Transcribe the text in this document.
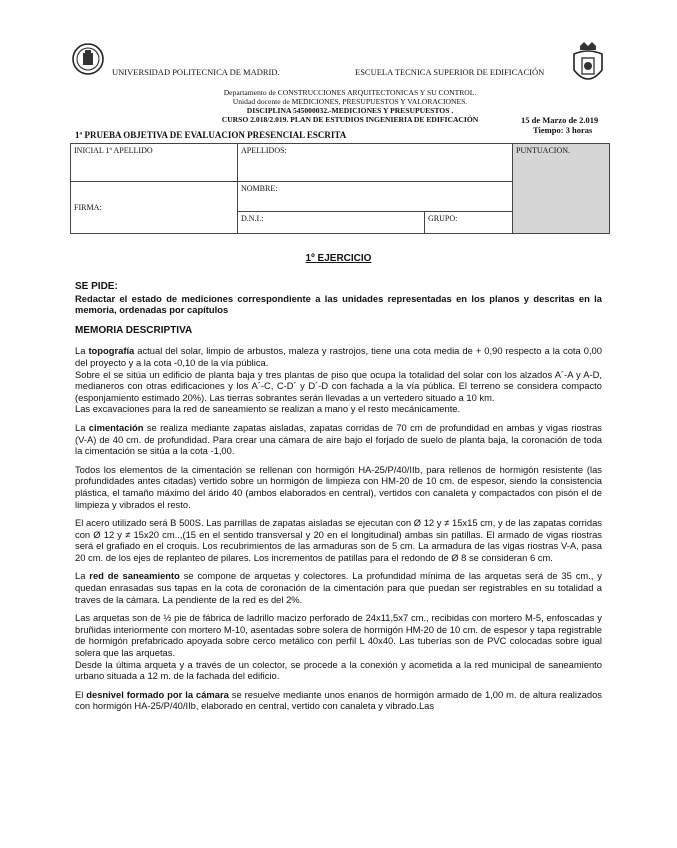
UNIVERSIDAD POLITECNICA DE MADRID.	ESCUELA TECNICA SUPERIOR DE EDIFICACIÓN
Departamento de CONSTRUCCIONES ARQUITECTONICAS Y SU CONTROL.
Unidad docente de MEDICIONES, PRESUPUESTOS Y VALORACIONES.
DISCIPLINA 545000032.-MEDICIONES Y PRESUPUESTOS .
CURSO 2.018/2.019. PLAN DE ESTUDIOS INGENIERIA DE EDIFICACIÓN	15 de Marzo de 2.019
Tiempo: 3 horas
1ª PRUEBA OBJETIVA DE EVALUACION PRESENCIAL ESCRITA
INICIAL 1º APELLIDO	APELLIDOS:		PUNTUACION.
FIRMA:	NOMBRE:		
	D.N.I.:	GRUPO:	
1º EJERCICIO

SE PIDE:
Redactar el estado de mediciones correspondiente a las unidades representadas en los planos y descritas en la memoria, ordenadas por capítulos

MEMORIA DESCRIPTIVA

La topografía actual del solar, limpio de arbustos, maleza y rastrojos, tiene una cota media de + 0,90 respecto a la cota 0,00 del proyecto y a la cota -0,10 de la vía pública.
Sobre el se sitúa un edificio de planta baja y tres plantas de piso que ocupa la totalidad del solar con los alzados A´-A y A-D, medianeros con otras edificaciones y los A´-C, C-D´ y D´-D con fachada a la vía pública. El terreno se considera compacto (esponjamiento estimado 20%). Las tierras sobrantes serán llevadas a un vertedero situado a 10 km.
Las excavaciones para la red de saneamiento se realizan a mano y el resto mecánicamente.

La cimentación se realiza mediante zapatas aisladas, zapatas corridas de 70 cm de profundidad en ambas y vigas riostras (V-A) de 40 cm. de profundidad. Para crear una cámara de aire bajo el forjado de suelo de planta baja, la coronación de toda la cimentación se sitúa a la cota -1,00.

Todos los elementos de la cimentación se rellenan con hormigón HA-25/P/40/IIb, para rellenos de hormigón resistente (las profundidades antes citadas) vertido sobre un hormigón de limpieza con HM-20 de 10 cm. de espesor, siendo la consistencia plástica, el tamaño máximo del árido 40 (ambos elaborados en central), vertidos con canaleta y compactados con pisón el de limpieza y vibrados el resto.

El acero utilizado será B 500S. Las parrillas de zapatas aisladas se ejecutan con Ø 12 y ≠ 15x15 cm, y de las zapatas corridas con Ø 12 y ≠ 15x20 cm..,(15 en el sentido transversal y 20 en el longitudinal) ambas sin patillas. El armado de vigas riostras será el grafiado en el croquis. Los recubrimientos de las armaduras son de 5 cm. La armadura de las vigas riostras V-A, pasa 20 cm. de los ejes de replanteo de pilares. Los incrementos de patillas para el redondo de Ø 8 se consideran 6 cm.

La red de saneamiento se compone de arquetas y colectores. La profundidad mínima de las arquetas será de 35 cm., y quedan enrasadas sus tapas en la cota de coronación de la cimentación para que puedan ser registrables en su totalidad a traves de la cámara. La pendiente de la red es del 2%.

Las arquetas son de ½ pie de fábrica de ladrillo macizo perforado de 24x11,5x7 cm., recibidas con mortero M-5, enfoscadas y bruñidas interiormente con mortero M-10, asentadas sobre solera de hormigón HM-20 de 10 cm. de espesor y tapa registrable de hormigón prefabricado apoyada sobre cerco metálico con perfil L 40x40. Las tuberías son de PVC colocadas sobre igual solera que las arquetas.
Desde la última arqueta y a través de un colector, se procede a la conexión y acometida a la red municipal de saneamiento urbano situada a 12 m. de la fachada del edificio.

El desnivel formado por la cámara se resuelve mediante unos enanos de hormigón armado de 1,00 m. de altura realizados con hormigón HA-25/P/40/IIb, elaborado en central, vertido con canaleta y vibrado.Las
